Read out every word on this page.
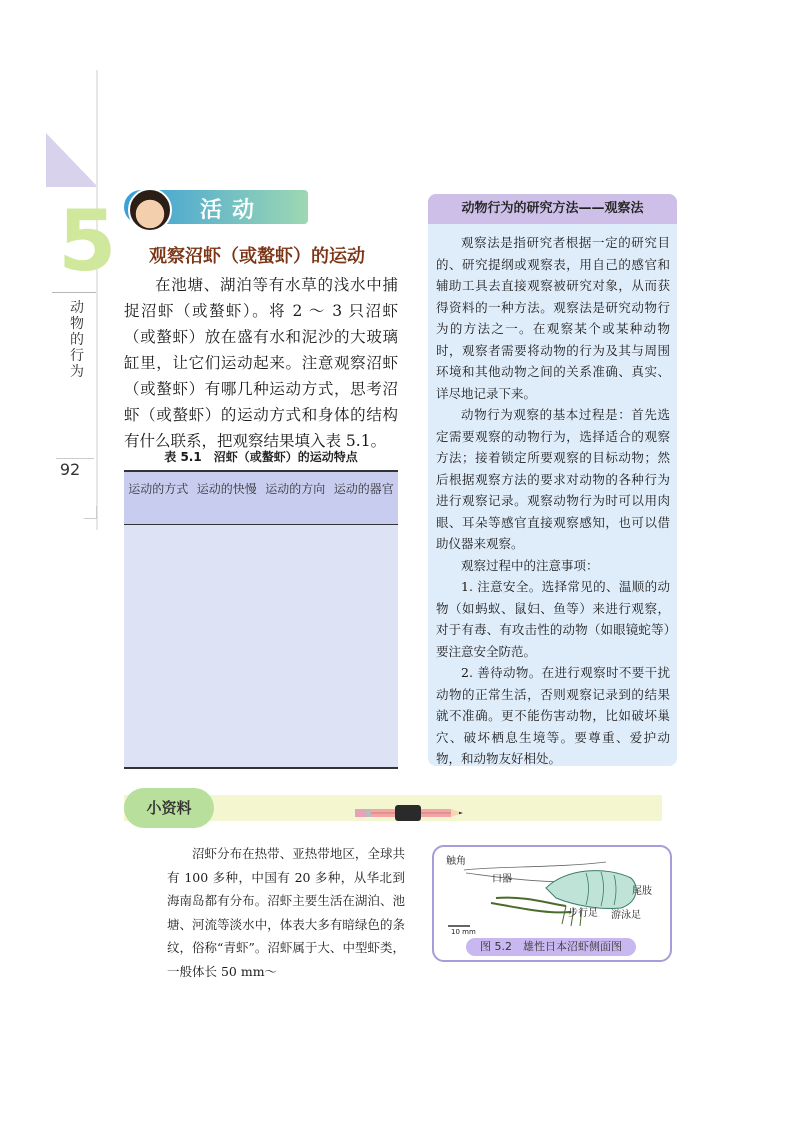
5
动物的行为
92
活动
观察沼虾（或螯虾）的运动
在池塘、湖泊等有水草的浅水中捕捉沼虾（或螯虾）。将 2 ～ 3 只沼虾（或螯虾）放在盛有水和泥沙的大玻璃缸里，让它们运动起来。注意观察沼虾（或螯虾）有哪几种运动方式，思考沼虾（或螯虾）的运动方式和身体的结构有什么联系，把观察结果填入表 5.1。
表 5.1　沼虾（或螯虾）的运动特点
运动的方式 运动的快慢 运动的方向 运动的器官
动物行为的研究方法——观察法

观察法是指研究者根据一定的研究目的、研究提纲或观察表，用自己的感官和辅助工具去直接观察被研究对象，从而获得资料的一种方法。观察法是研究动物行为的方法之一。在观察某个或某种动物时，观察者需要将动物的行为及其与周围环境和其他动物之间的关系准确、真实、详尽地记录下来。

动物行为观察的基本过程是：首先选定需要观察的动物行为，选择适合的观察方法；接着锁定所要观察的目标动物；然后根据观察方法的要求对动物的各种行为进行观察记录。观察动物行为时可以用肉眼、耳朵等感官直接观察感知，也可以借助仪器来观察。

观察过程中的注意事项：

1. 注意安全。选择常见的、温顺的动物（如蚂蚁、鼠妇、鱼等）来进行观察，对于有毒、有攻击性的动物（如眼镜蛇等）要注意安全防范。

2. 善待动物。在进行观察时不要干扰动物的正常生活，否则观察记录到的结果就不准确。更不能伤害动物，比如破坏巢穴、破坏栖息生境等。要尊重、爱护动物，和动物友好相处。

小资料
沼虾分布在热带、亚热带地区，全球共有 100 多种，中国有 20 多种，从华北到海南岛都有分布。沼虾主要生活在湖泊、池塘、河流等淡水中，体表大多有暗绿色的条纹，俗称“青虾”。沼虾属于大、中型虾类，一般体长 50 mm～
触角
口器
尾肢
步行足 游泳足
10 mm
图 5.2　雄性日本沼虾侧面图
